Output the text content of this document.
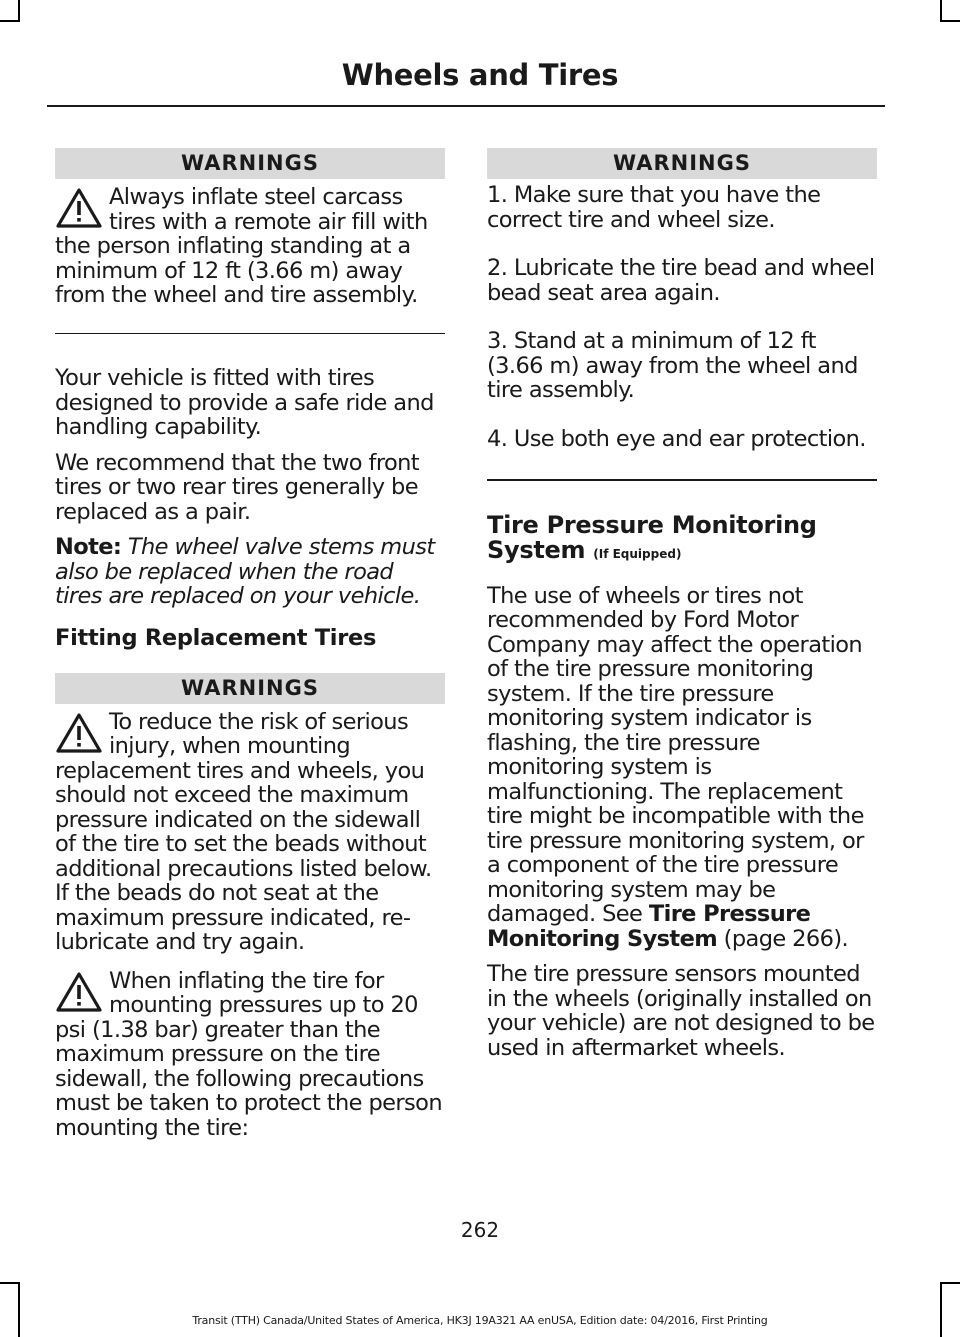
Wheels and Tires
WARNINGS
Always inflate steel carcass tires with a remote air fill with the person inflating standing at a minimum of 12 ft (3.66 m) away from the wheel and tire assembly.

Your vehicle is fitted with tires designed to provide a safe ride and handling capability.

We recommend that the two front tires or two rear tires generally be replaced as a pair.

Note: The wheel valve stems must also be replaced when the road tires are replaced on your vehicle.

Fitting Replacement Tires
WARNINGS
To reduce the risk of serious injury, when mounting replacement tires and wheels, you should not exceed the maximum pressure indicated on the sidewall of the tire to set the beads without additional precautions listed below. If the beads do not seat at the maximum pressure indicated, re-lubricate and try again.
When inflating the tire for mounting pressures up to 20 psi (1.38 bar) greater than the maximum pressure on the tire sidewall, the following precautions must be taken to protect the person mounting the tire:
WARNINGS

1. Make sure that you have the correct tire and wheel size.

2. Lubricate the tire bead and wheel bead seat area again.

3. Stand at a minimum of 12 ft (3.66 m) away from the wheel and tire assembly.

4. Use both eye and ear protection.

Tire Pressure Monitoring System (If Equipped)

The use of wheels or tires not recommended by Ford Motor Company may affect the operation of the tire pressure monitoring system. If the tire pressure monitoring system indicator is flashing, the tire pressure monitoring system is malfunctioning. The replacement tire might be incompatible with the tire pressure monitoring system, or a component of the tire pressure monitoring system may be damaged. See Tire Pressure Monitoring System (page 266).

The tire pressure sensors mounted in the wheels (originally installed on your vehicle) are not designed to be used in aftermarket wheels.

262
Transit (TTH) Canada/United States of America, HK3J 19A321 AA enUSA, Edition date: 04/2016, First Printing
